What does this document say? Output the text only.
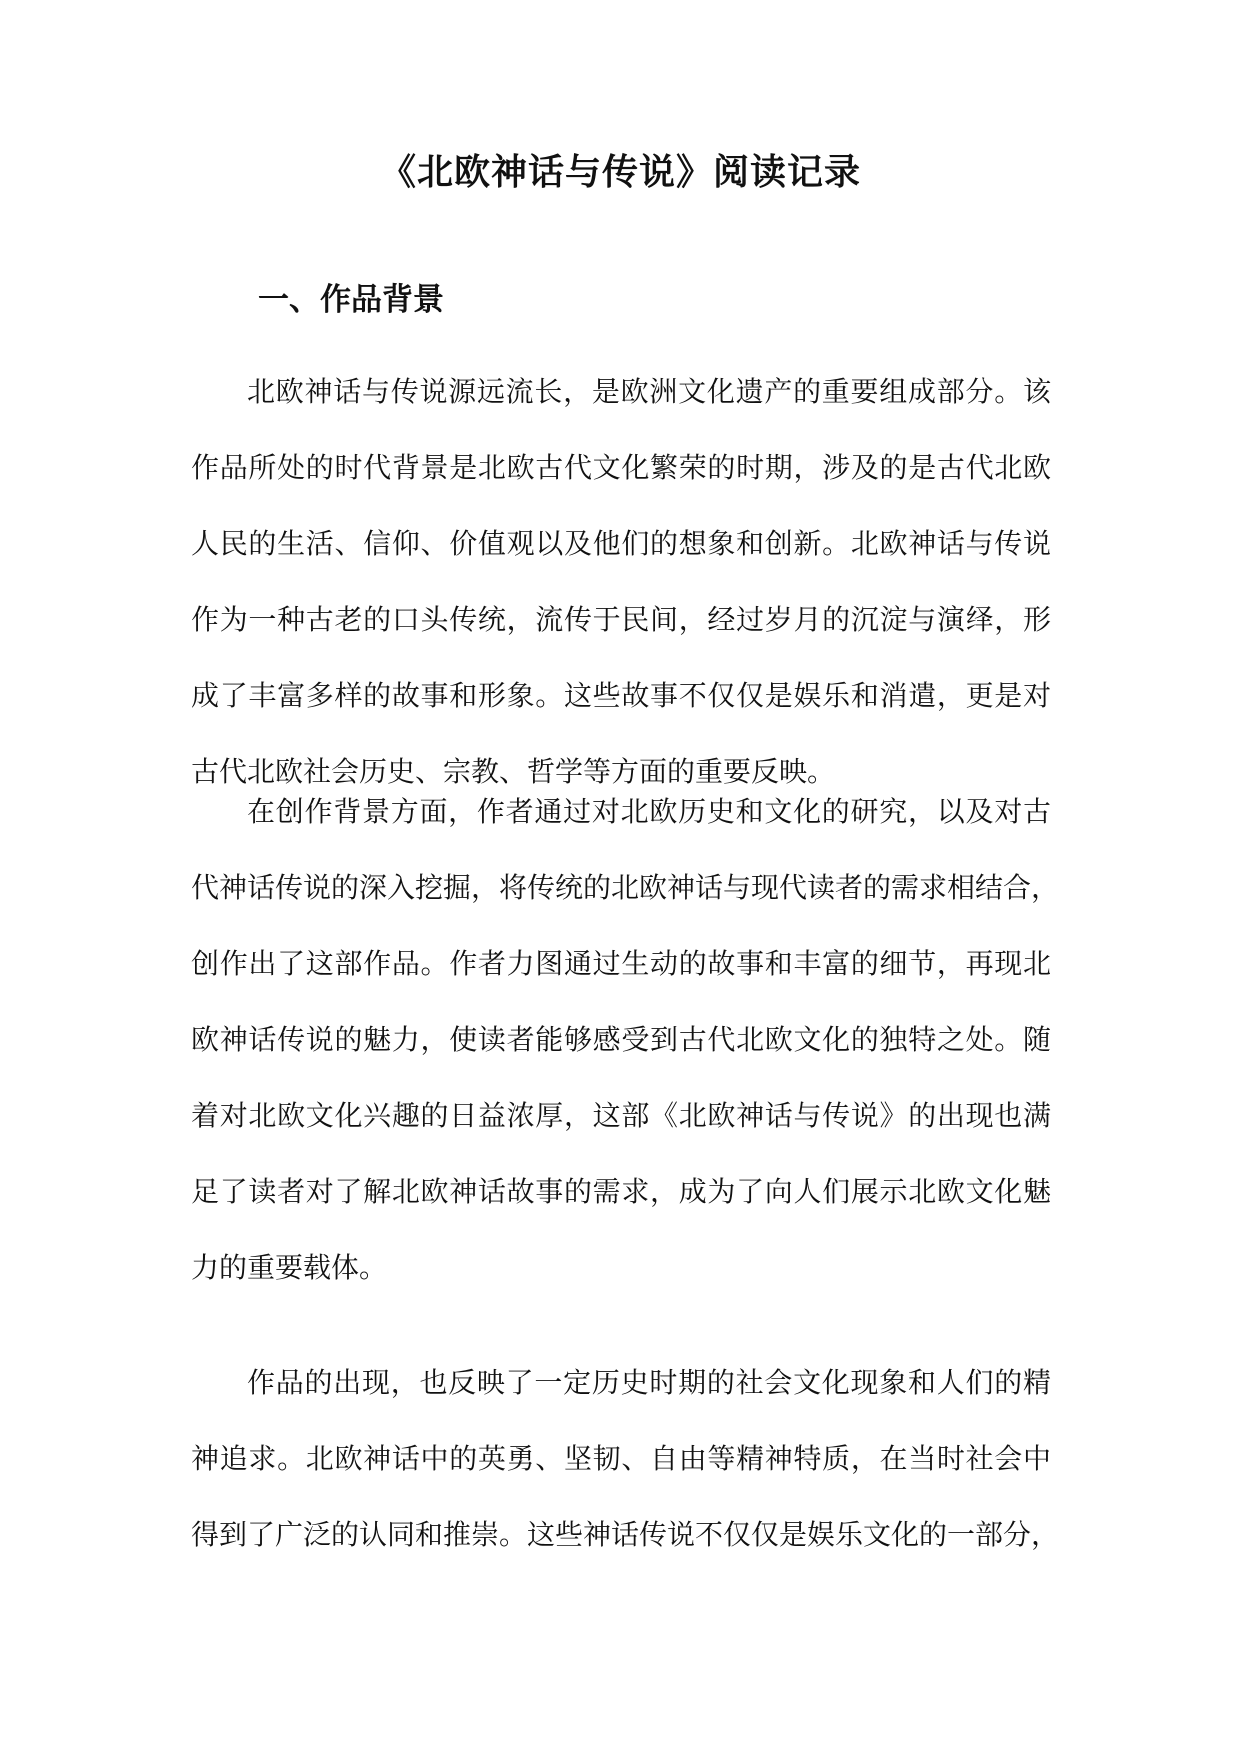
《北欧神话与传说》阅读记录
一、作品背景
北欧神话与传说源远流长，是欧洲文化遗产的重要组成部分。该
作品所处的时代背景是北欧古代文化繁荣的时期，涉及的是古代北欧
人民的生活、信仰、价值观以及他们的想象和创新。北欧神话与传说
作为一种古老的口头传统，流传于民间，经过岁月的沉淀与演绎，形
成了丰富多样的故事和形象。这些故事不仅仅是娱乐和消遣，更是对
古代北欧社会历史、宗教、哲学等方面的重要反映。
在创作背景方面，作者通过对北欧历史和文化的研究，以及对古
代神话传说的深入挖掘，将传统的北欧神话与现代读者的需求相结合，
创作出了这部作品。作者力图通过生动的故事和丰富的细节，再现北
欧神话传说的魅力，使读者能够感受到古代北欧文化的独特之处。随
着对北欧文化兴趣的日益浓厚，这部《北欧神话与传说》的出现也满
足了读者对了解北欧神话故事的需求，成为了向人们展示北欧文化魅
力的重要载体。
作品的出现，也反映了一定历史时期的社会文化现象和人们的精
神追求。北欧神话中的英勇、坚韧、自由等精神特质，在当时社会中
得到了广泛的认同和推崇。这些神话传说不仅仅是娱乐文化的一部分，
